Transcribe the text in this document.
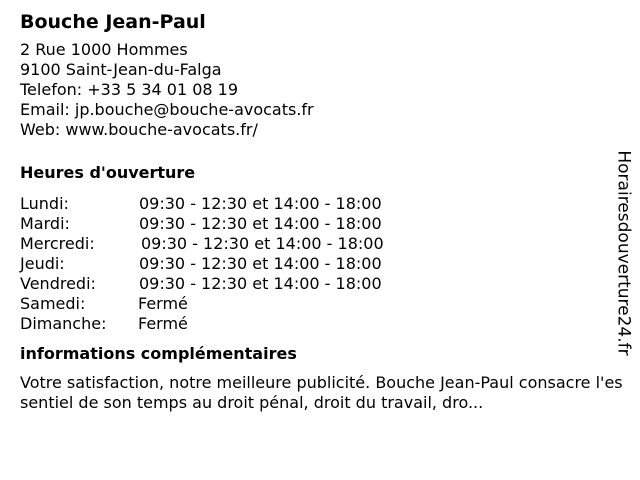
Bouche Jean-Paul
2 Rue 1000 Hommes
9100 Saint-Jean-du-Falga
Telefon: +33 5 34 01 08 19
Email: jp.bouche@bouche-avocats.fr
Web: www.bouche-avocats.fr/
Heures d'ouverture
Lundi:	09:30 - 12:30 et 14:00 - 18:00
Mardi:	09:30 - 12:30 et 14:00 - 18:00
Mercredi:	09:30 - 12:30 et 14:00 - 18:00
Jeudi:	09:30 - 12:30 et 14:00 - 18:00
Vendredi:	09:30 - 12:30 et 14:00 - 18:00
Samedi:	Fermé
Dimanche:	Fermé
informations complémentaires
Votre satisfaction, notre meilleure publicité. Bouche Jean-Paul consacre l'essentiel de son temps au droit pénal, droit du travail, dro...
Horairesdouverture24.fr
